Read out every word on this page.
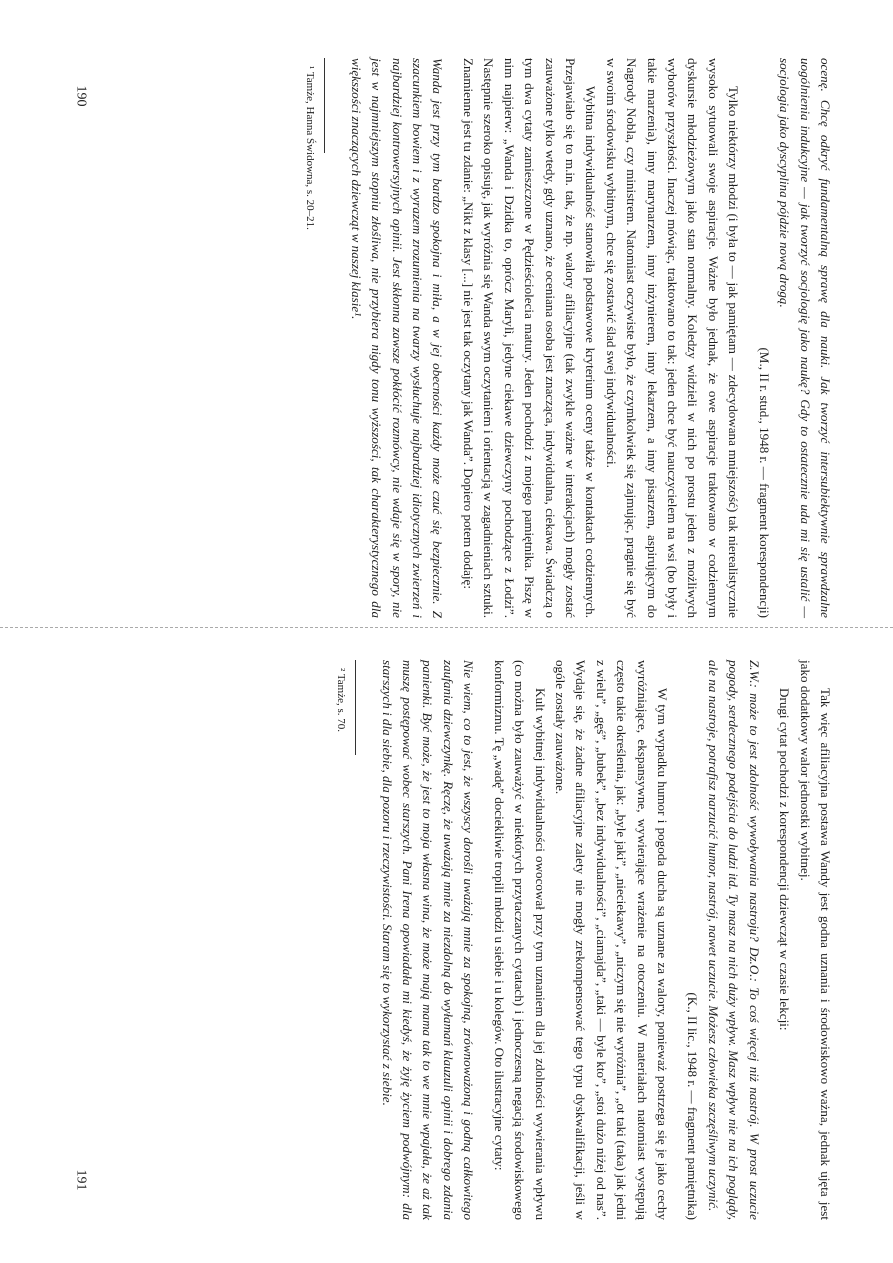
ocenę. Chcę odkryć fundamentalną sprawę dla nauki. Jak tworzyć intersubiektywnie sprawdzalne uogólnienia indukcyjne — jak tworzyć socjologię jako naukę? Gdy to ostatecznie uda mi się ustalić — socjologia jako dyscyplina pójdzie nową drogą.

(M., II r. stud., 1948 r. — fragment korespondencji)

Tylko niektórzy młodzi (i była to — jak pamiętam — zdecydowana mniejszość) tak nierealistycznie wysoko sytuowali swoje aspiracje. Ważne było jednak, że owe aspiracje traktowano w codziennym dyskursie młodzieżowym jako stan normalny. Koledzy widzieli w nich po prostu jeden z możliwych wyborów przyszłości. Inaczej mówiąc, traktowano to tak: jeden chce być nauczycielem na wsi (bo były i takie marzenia), inny marynarzem, inny inżynierem, inny lekarzem, a inny pisarzem, aspirującym do Nagrody Nobla, czy ministrem. Natomiast oczywiste było, że czymkolwiek się zajmując, pragnie się być w swoim środowisku wybitnym, chce się zostawić ślad swej indywidualności.

Wybitna indywidualność stanowiła podstawowe kryterium oceny także w kontaktach codziennych. Przejawiało się to m.in. tak, że np. walory afiliacyjne (tak zwykle ważne w interakcjach) mogły zostać zauważone tylko wtedy, gdy uznano, że oceniana osoba jest znacząca, indywidualna, ciekawa. Świadczą o tym dwa cytaty zamieszczone w Pędzieściolecia matury. Jeden pochodzi z mojego pamiętnika. Piszę w nim najpierw: „Wanda i Dzidka to, oprócz Marylì, jedyne ciekawe dziewczyny pochodzące z Łodzi”. Następnie szeroko opisuję, jak wyróżnia się Wanda swym oczytaniem i orientacją w zagadnieniach sztuki. Znamienne jest tu zdanie: „Nikt z klasy [...] nie jest tak oczytany jak Wanda”. Dopiero potem dodaję:

Wanda jest przy tym bardzo spokojna i miła, a w jej obecności każdy może czuć się bezpiecznie. Z szacunkiem bowiem i z wyrazem zrozumienia na twarzy wysłuchuje najbardziej idiotycznych zwierzeń i najbardziej kontrowersyjnych opinii. Jest skłonna zawsze pokłócić rozmówcy, nie wdaje się w spory, nie jest w najmniejszym stopniu złośliwa, nie przybiera nigdy tonu wyższości, tak charakterystycznego dla większości znaczących dziewcząt w naszej klasie¹.

¹ Tamże, Hanna Świdowna, s. 20–21.

190

Tak więc afiliacyjna postawa Wandy jest godna uznania i środowiskowo ważna, jednak ujęta jest jako dodatkowy walor jednostki wybitnej.

Drugi cytat pochodzi z korespondencji dziewcząt w czasie lekcji:

Z.W.: może to jest zdolność wywoływania nastroju? Dz.O.: To coś więcej niż nastrój. W prost uczucie pogody, serdecznego podejścia do ludzi itd. Ty masz na nich duży wpływ. Masz wpływ nie na ich poglądy, ale na nastroje, potrafisz narzucić humor, nastrój, nawet uczucie. Możesz człowieka szczęśliwym uczynić.

(K., II lic., 1948 r. — fragment pamiętnika)

W tym wypadku humor i pogoda ducha są uznane za walory, ponieważ postrzega się je jako cechy wyróżniające, ekspansywne, wywierające wrażenie na otoczeniu. W materiałach natomiast występują często takie określenia, jak: „byle jaki”, „nieciekawy”, „niczym się nie wyróżnia”, „ot taki (taka) jak jedni z wielu”, „gęś”, „bubek”, „bez indywidualności”, „ciamajda”, „taki — byle kto”, „stoi dużo niżej od nas”. Wydaje się, że żadne afiliacyjne zalety nie mogły zrekompensować tego typu dyskwalifikacji, jeśli w ogóle zostały zauważone.

Kult wybitnej indywidualności owocował przy tym uznaniem dla jej zdolności wywierania wpływu (co można było zauważyć w niektórych przytaczanych cytatach) i jednoczesną negacją środowiskowego konformizmu. Tę „wadę” dociekliwie tropili młodzi u siebie i u kolegów. Oto ilustracyjne cytaty:

Nie wiem, co to jest, że wszyscy dorośli uważają mnie za spokojną, zrównoważoną i godną całkowitego zaufania dziewczynkę. Ręczę, że uważają mnie za niezdolną do wyłamań klauzuli opinii i dobrego zdania panienki. Być może, że jest to moja własna wina, że może mają mama tak to we mnie wpajała, że aż tak muszę postępować wobec starszych. Pani Irena opowiadała mi kiedyś, że żyję życiem podwójnym: dla starszych i dla siebie, dla pozoru i rzeczywistości. Staram się to wykorzystać z siebie.

² Tamże, s. 70.

191
